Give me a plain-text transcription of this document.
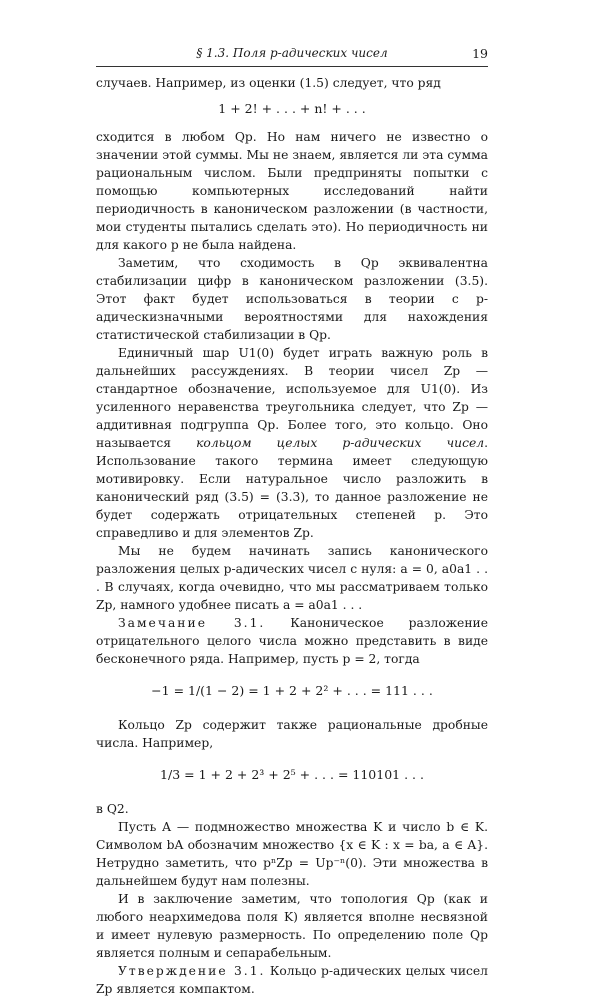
§ 1.3. Поля p-адических чисел	19

случаев. Например, из оценки (1.5) следует, что ряд

1 + 2! + . . . + n! + . . .

сходится в любом Qp. Но нам ничего не известно о значении этой суммы. Мы не знаем, является ли эта сумма рациональным числом. Были предприняты попытки с помощью компьютерных исследований найти периодичность в каноническом разложении (в частности, мои студенты пытались сделать это). Но периодичность ни для какого p не была найдена.

Заметим, что сходимость в Qp эквивалентна стабилизации цифр в каноническом разложении (3.5). Этот факт будет использоваться в теории с p-адическизначными вероятностями для нахождения статистической стабилизации в Qp.

Единичный шар U1(0) будет играть важную роль в дальнейших рассуждениях. В теории чисел Zp — стандартное обозначение, используемое для U1(0). Из усиленного неравенства треугольника следует, что Zp — аддитивная подгруппа Qp. Более того, это кольцо. Оно называется кольцом целых p-адических чисел. Использование такого термина имеет следующую мотивировку. Если натуральное число разложить в канонический ряд (3.5) = (3.3), то данное разложение не будет содержать отрицательных степеней p. Это справедливо и для элементов Zp.

Мы не будем начинать запись канонического разложения целых p-адических чисел с нуля: a = 0, a0a1 . . . В случаях, когда очевидно, что мы рассматриваем только Zp, намного удобнее писать a = a0a1 . . .

Замечание 3.1. Каноническое разложение отрицательного целого числа можно представить в виде бесконечного ряда. Например, пусть p = 2, тогда

−1 = 1/(1 − 2) = 1 + 2 + 2² + . . . = 111 . . .

Кольцо Zp содержит также рациональные дробные числа. Например,

1/3 = 1 + 2 + 2³ + 2⁵ + . . . = 110101 . . .

в Q2.

Пусть A — подмножество множества K и число b ∈ K. Символом bA обозначим множество {x ∈ K : x = ba, a ∈ A}. Нетрудно заметить, что pⁿZp = Up⁻ⁿ(0). Эти множества в дальнейшем будут нам полезны.

И в заключение заметим, что топология Qp (как и любого неархимедова поля K) является вполне несвязной и имеет нулевую размерность. По определению поле Qp является полным и сепарабельным.

Утверждение 3.1. Кольцо p-адических целых чисел Zp является компактом.
